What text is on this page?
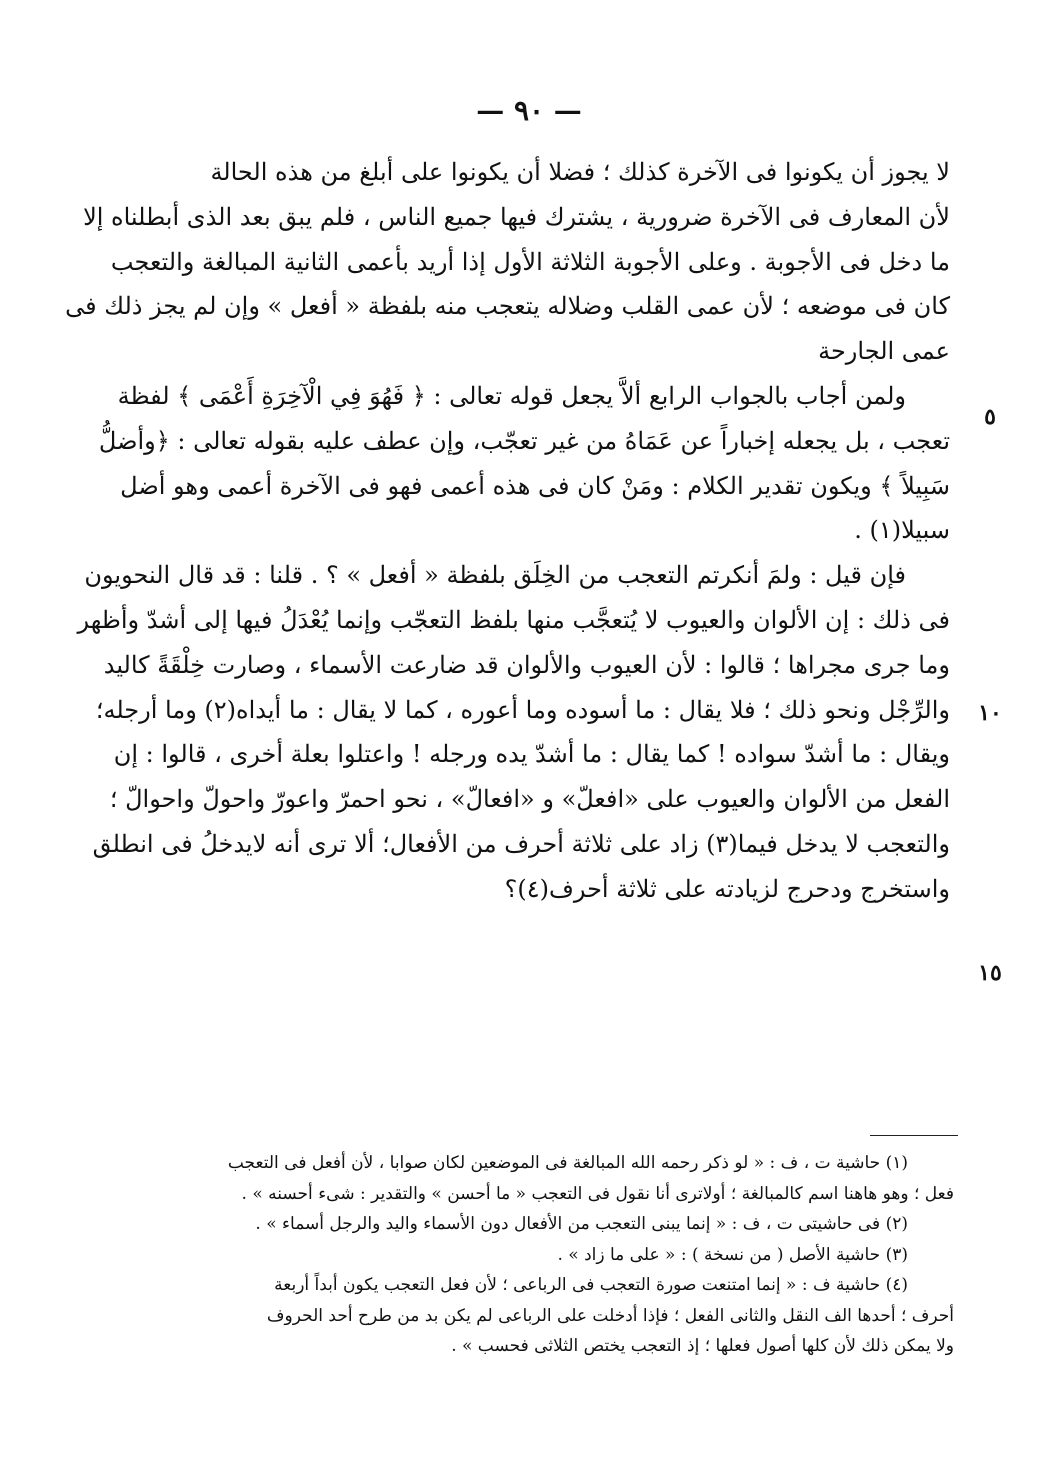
— ٩٠ —
لا يجوز أن يكونوا فى الآخرة كذلك ؛ فضلا أن يكونوا على أبلغ من هذه الحالة
لأن المعارف فى الآخرة ضرورية ، يشترك فيها جميع الناس ، فلم يبق بعد الذى أبطلناه إلا
ما دخل فى الأجوبة . وعلى الأجوبة الثلاثة الأول إذا أريد بأعمى الثانية المبالغة والتعجب
كان فى موضعه ؛ لأن عمى القلب وضلاله يتعجب منه بلفظة « أفعل » وإن لم يجز ذلك فى
عمى الجارحة
ولمن أجاب بالجواب الرابع ألاَّ يجعل قوله تعالى : ﴿ فَهُوَ فِي الْآخِرَةِ أَعْمَى ﴾ لفظة
تعجب ، بل يجعله إخباراً عن عَمَاهُ من غير تعجّب، وإن عطف عليه بقوله تعالى : ﴿وأضلُّ
سَبِيلاً ﴾ ويكون تقدير الكلام : ومَنْ كان فى هذه أعمى فهو فى الآخرة أعمى وهو أضل
سبيلا(١) .
فإن قيل : ولمَ أنكرتم التعجب من الخِلَق بلفظة « أفعل » ؟ . قلنا : قد قال النحويون
فى ذلك : إن الألوان والعيوب لا يُتعجَّب منها بلفظ التعجّب وإنما يُعْدَلُ فيها إلى أشدّ وأظهر
وما جرى مجراها ؛ قالوا : لأن العيوب والألوان قد ضارعت الأسماء ، وصارت خِلْقَةً كاليد
والرِّجْل ونحو ذلك ؛ فلا يقال : ما أسوده وما أعوره ، كما لا يقال : ما أيداه(٢) وما أرجله؛
ويقال : ما أشدّ سواده ! كما يقال : ما أشدّ يده ورجله ! واعتلوا بعلة أخرى ، قالوا : إن
الفعل من الألوان والعيوب على «افعلّ» و «افعالّ» ، نحو احمرّ واعورّ واحولّ واحوالّ ؛
والتعجب لا يدخل فيما(٣) زاد على ثلاثة أحرف من الأفعال؛ ألا ترى أنه لايدخلُ فى انطلق
واستخرج ودحرج لزيادته على ثلاثة أحرف(٤)؟
٥
١٠
١٥
(١) حاشية ت ، ف : « لو ذكر رحمه الله المبالغة فى الموضعين لكان صوابا ، لأن أفعل فى التعجب
فعل ؛ وهو هاهنا اسم كالمبالغة ؛ أولاترى أنا نقول فى التعجب « ما أحسن » والتقدير : شىء أحسنه » .
(٢) فى حاشيتى ت ، ف : « إنما يبنى التعجب من الأفعال دون الأسماء واليد والرجل أسماء » .
(٣) حاشية الأصل ( من نسخة ) : « على ما زاد » .
(٤) حاشية ف : « إنما امتنعت صورة التعجب فى الرباعى ؛ لأن فعل التعجب يكون أبداً أربعة
أحرف ؛ أحدها الف النقل والثانى الفعل ؛ فإذا أدخلت على الرباعى لم يكن بد من طرح أحد الحروف
ولا يمكن ذلك لأن كلها أصول فعلها ؛ إذ التعجب يختص الثلاثى فحسب » .
